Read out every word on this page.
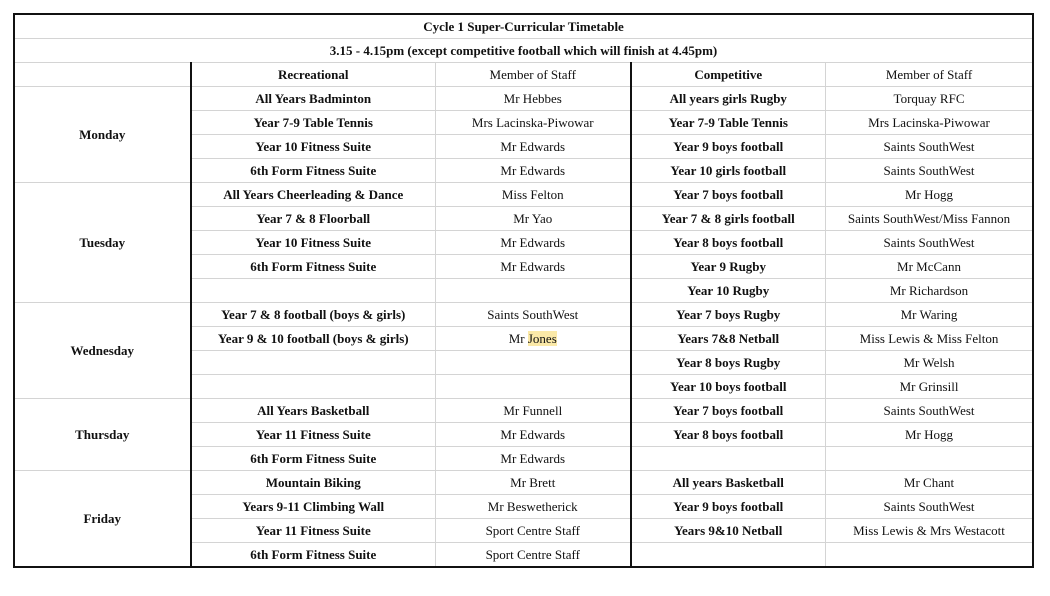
Cycle 1 Super-Curricular Timetable				
3.15 - 4.15pm (except competitive football which will finish at 4.45pm)				
	Recreational	Member of Staff	Competitive	Member of Staff
Monday	All Years Badminton	Mr Hebbes	All years girls Rugby	Torquay RFC
	Year 7-9 Table Tennis	Mrs Lacinska-Piwowar	Year 7-9 Table Tennis	Mrs Lacinska-Piwowar
	Year 10 Fitness Suite	Mr Edwards	Year 9 boys football	Saints SouthWest
	6th Form Fitness Suite	Mr Edwards	Year 10 girls football	Saints SouthWest
Tuesday	All Years Cheerleading & Dance	Miss Felton	Year 7 boys football	Mr Hogg
	Year 7 & 8 Floorball	Mr Yao	Year 7 & 8 girls football	Saints SouthWest/Miss Fannon
	Year 10 Fitness Suite	Mr Edwards	Year 8 boys football	Saints SouthWest
	6th Form Fitness Suite	Mr Edwards	Year 9 Rugby	Mr McCann
			Year 10 Rugby	Mr Richardson
Wednesday	Year 7 & 8 football (boys & girls)	Saints SouthWest	Year 7 boys Rugby	Mr Waring
	Year 9 & 10 football (boys & girls)	Mr Jones	Years 7&8 Netball	Miss Lewis & Miss Felton
			Year 8 boys Rugby	Mr Welsh
			Year 10 boys football	Mr Grinsill
Thursday	All Years Basketball	Mr Funnell	Year 7 boys football	Saints SouthWest
	Year 11 Fitness Suite	Mr Edwards	Year 8 boys football	Mr Hogg
	6th Form Fitness Suite	Mr Edwards		
Friday	Mountain Biking	Mr Brett	All years Basketball	Mr Chant
	Years 9-11 Climbing Wall	Mr Beswetherick	Year 9 boys football	Saints SouthWest
	Year 11 Fitness Suite	Sport Centre Staff	Years 9&10 Netball	Miss Lewis & Mrs Westacott
	6th Form Fitness Suite	Sport Centre Staff		
